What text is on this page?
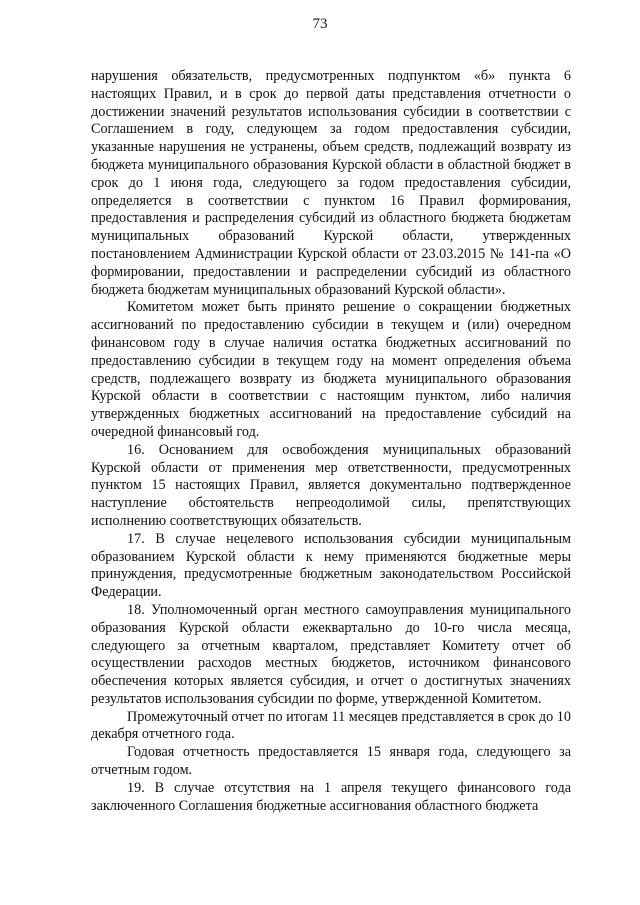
73

нарушения обязательств, предусмотренных подпунктом «б» пункта 6 настоящих Правил, и в срок до первой даты представления отчетности о достижении значений результатов использования субсидии в соответствии с Соглашением в году, следующем за годом предоставления субсидии, указанные нарушения не устранены, объем средств, подлежащий возврату из бюджета муниципального образования Курской области в областной бюджет в срок до 1 июня года, следующего за годом предоставления субсидии, определяется в соответствии с пунктом 16 Правил формирования, предоставления и распределения субсидий из областного бюджета бюджетам муниципальных образований Курской области, утвержденных постановлением Администрации Курской области от 23.03.2015 № 141-па «О формировании, предоставлении и распределении субсидий из областного бюджета бюджетам муниципальных образований Курской области».

Комитетом может быть принято решение о сокращении бюджетных ассигнований по предоставлению субсидии в текущем и (или) очередном финансовом году в случае наличия остатка бюджетных ассигнований по предоставлению субсидии в текущем году на момент определения объема средств, подлежащего возврату из бюджета муниципального образования Курской области в соответствии с настоящим пунктом, либо наличия утвержденных бюджетных ассигнований на предоставление субсидий на очередной финансовый год.

16. Основанием для освобождения муниципальных образований Курской области от применения мер ответственности, предусмотренных пунктом 15 настоящих Правил, является документально подтвержденное наступление обстоятельств непреодолимой силы, препятствующих исполнению соответствующих обязательств.

17. В случае нецелевого использования субсидии муниципальным образованием Курской области к нему применяются бюджетные меры принуждения, предусмотренные бюджетным законодательством Российской Федерации.

18. Уполномоченный орган местного самоуправления муниципального образования Курской области ежеквартально до 10-го числа месяца, следующего за отчетным кварталом, представляет Комитету отчет об осуществлении расходов местных бюджетов, источником финансового обеспечения которых является субсидия, и отчет о достигнутых значениях результатов использования субсидии по форме, утвержденной Комитетом.

Промежуточный отчет по итогам 11 месяцев представляется в срок до 10 декабря отчетного года.

Годовая отчетность предоставляется 15 января года, следующего за отчетным годом.

19. В случае отсутствия на 1 апреля текущего финансового года заключенного Соглашения бюджетные ассигнования областного бюджета
